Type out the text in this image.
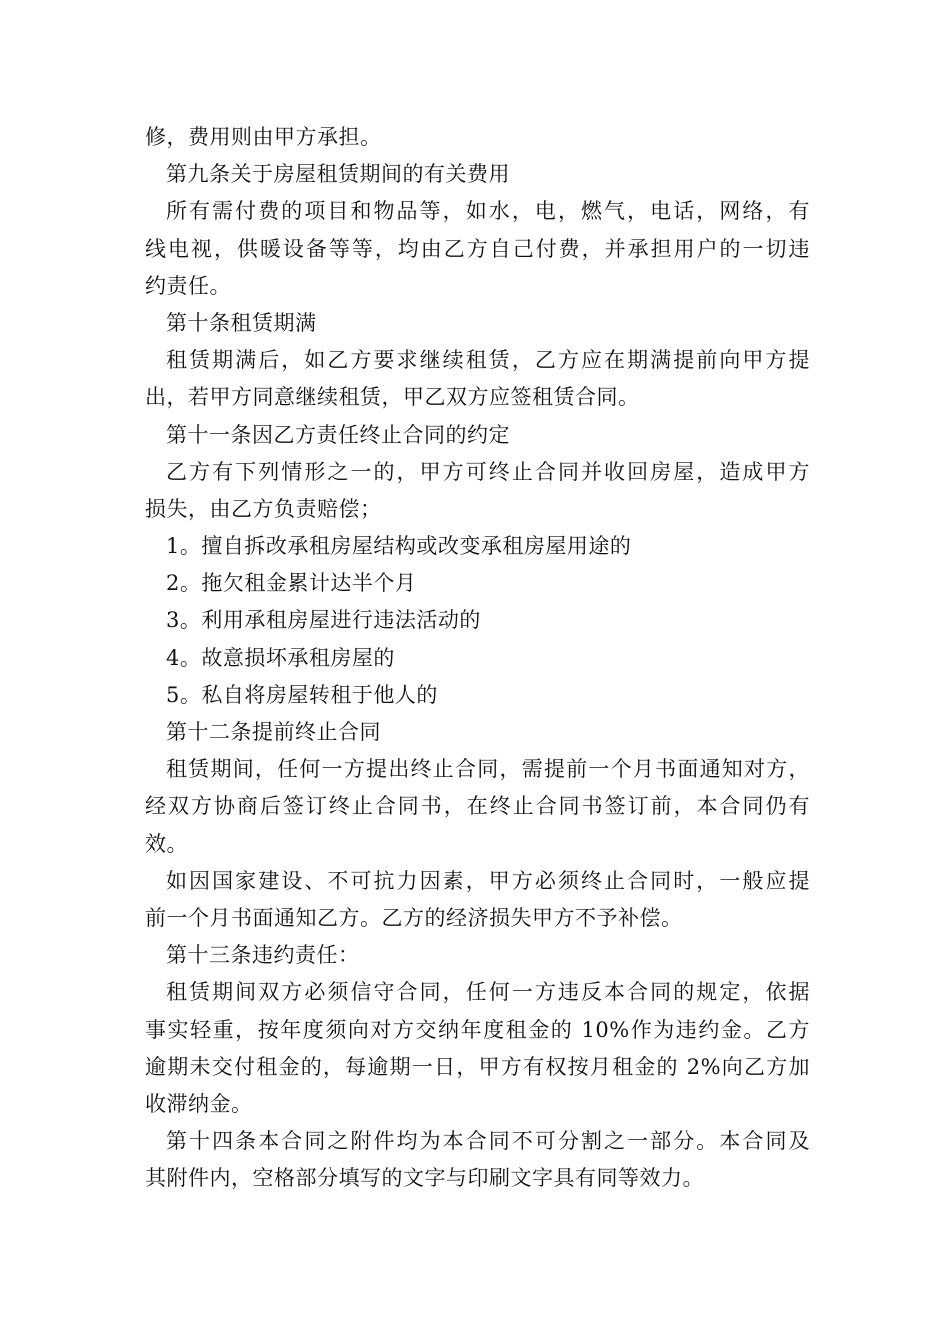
修，费用则由甲方承担。
第九条关于房屋租赁期间的有关费用
所有需付费的项目和物品等，如水，电，燃气，电话，网络，有
线电视，供暖设备等等，均由乙方自己付费，并承担用户的一切违
约责任。
第十条租赁期满
租赁期满后，如乙方要求继续租赁，乙方应在期满提前向甲方提
出，若甲方同意继续租赁，甲乙双方应签租赁合同。
第十一条因乙方责任终止合同的约定
乙方有下列情形之一的，甲方可终止合同并收回房屋，造成甲方
损失，由乙方负责赔偿；
1。擅自拆改承租房屋结构或改变承租房屋用途的
2。拖欠租金累计达半个月
3。利用承租房屋进行违法活动的
4。故意损坏承租房屋的
5。私自将房屋转租于他人的
第十二条提前终止合同
租赁期间，任何一方提出终止合同，需提前一个月书面通知对方，
经双方协商后签订终止合同书，在终止合同书签订前，本合同仍有
效。
如因国家建设、不可抗力因素，甲方必须终止合同时，一般应提
前一个月书面通知乙方。乙方的经济损失甲方不予补偿。
第十三条违约责任：
租赁期间双方必须信守合同，任何一方违反本合同的规定，依据
事实轻重，按年度须向对方交纳年度租金的 10%作为违约金。乙方
逾期未交付租金的，每逾期一日，甲方有权按月租金的 2%向乙方加
收滞纳金。
第十四条本合同之附件均为本合同不可分割之一部分。本合同及
其附件内，空格部分填写的文字与印刷文字具有同等效力。
